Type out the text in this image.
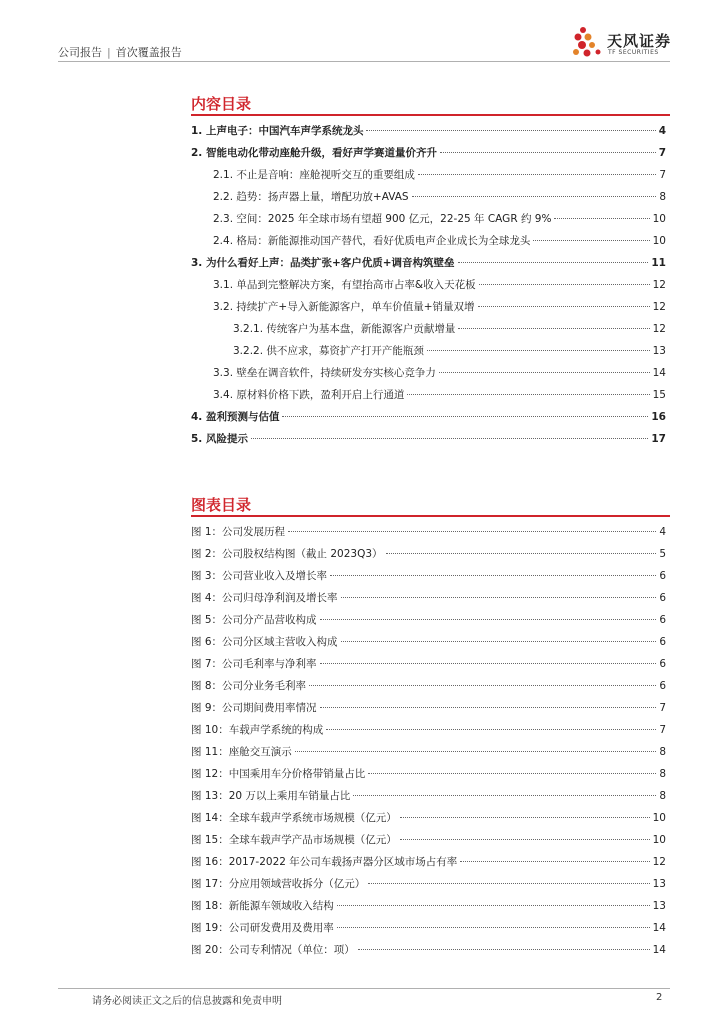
公司报告 | 首次覆盖报告
天风证券
TF SECURITIES
内容目录
1. 上声电子：中国汽车声学系统龙头	4
2. 智能电动化带动座舱升级，看好声学赛道量价齐升	7
2.1. 不止是音响：座舱视听交互的重要组成	7
2.2. 趋势：扬声器上量，增配功放+AVAS	8
2.3. 空间：2025 年全球市场有望超 900 亿元，22-25 年 CAGR 约 9%	10
2.4. 格局：新能源推动国产替代，看好优质电声企业成长为全球龙头	10
3. 为什么看好上声：品类扩张+客户优质+调音构筑壁垒	11
3.1. 单品到完整解决方案，有望抬高市占率&收入天花板	12
3.2. 持续扩产+导入新能源客户，单车价值量+销量双增	12
3.2.1. 传统客户为基本盘，新能源客户贡献增量	12
3.2.2. 供不应求，募资扩产打开产能瓶颈	13
3.3. 壁垒在调音软件，持续研发夯实核心竞争力	14
3.4. 原材料价格下跌，盈利开启上行通道	15
4. 盈利预测与估值	16
5. 风险提示	17
图表目录
图 1：公司发展历程	4
图 2：公司股权结构图（截止 2023Q3）	5
图 3：公司营业收入及增长率	6
图 4：公司归母净利润及增长率	6
图 5：公司分产品营收构成	6
图 6：公司分区域主营收入构成	6
图 7：公司毛利率与净利率	6
图 8：公司分业务毛利率	6
图 9：公司期间费用率情况	7
图 10：车载声学系统的构成	7
图 11：座舱交互演示	8
图 12：中国乘用车分价格带销量占比	8
图 13：20 万以上乘用车销量占比	8
图 14：全球车载声学系统市场规模（亿元）	10
图 15：全球车载声学产品市场规模（亿元）	10
图 16：2017-2022 年公司车载扬声器分区域市场占有率	12
图 17：分应用领域营收拆分（亿元）	13
图 18：新能源车领域收入结构	13
图 19：公司研发费用及费用率	14
图 20：公司专利情况（单位：项）	14
请务必阅读正文之后的信息披露和免责申明	2
